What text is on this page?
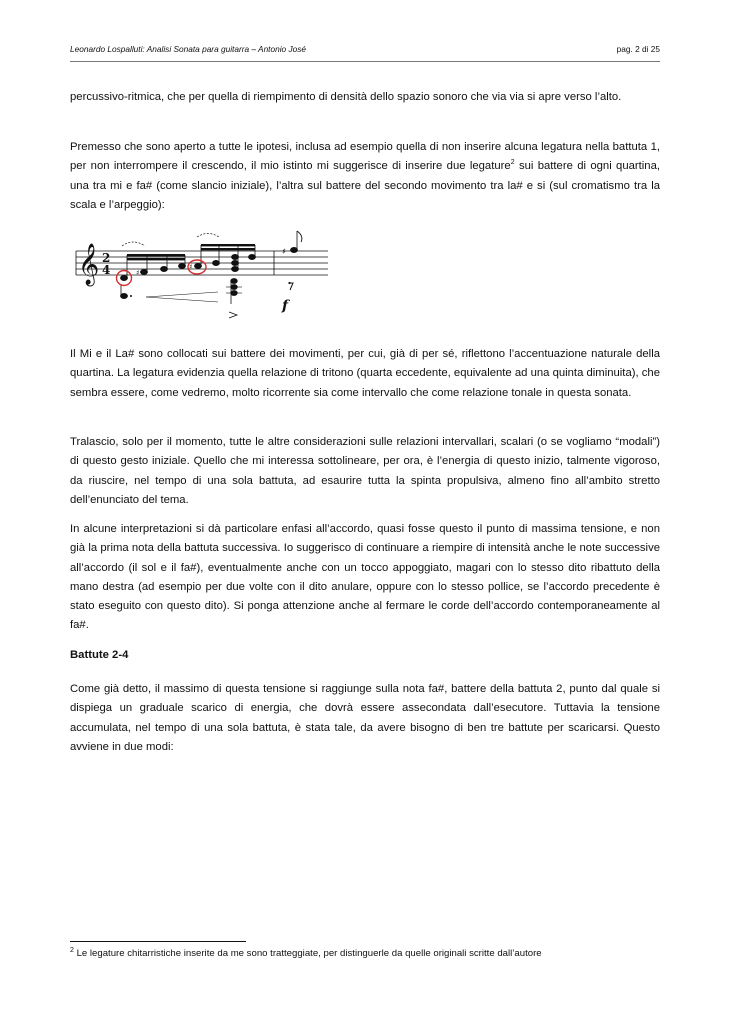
Leonardo Lospalluti: Analisi Sonata para guitarra – Antonio José	pag. 2 di 25

percussivo-ritmica, che per quella di riempimento di densità dello spazio sonoro che via via si apre verso l’alto.

Premesso che sono aperto a tutte le ipotesi, inclusa ad esempio quella di non inserire alcuna legatura nella battuta 1, per non interrompere il crescendo, il mio istinto mi suggerisce di inserire due legature$^2$ sui battere di ogni quartina, una tra mi e fa# (come slancio iniziale), l’altra sul battere del secondo movimento tra la# e si (sul cromatismo tra la scala e l’arpeggio):

𝄞 2
4	♯
♯
♯
f

Il Mi e il La# sono collocati sui battere dei movimenti, per cui, già di per sé, riflettono l’accentuazione naturale della quartina. La legatura evidenzia quella relazione di tritono (quarta eccedente, equivalente ad una quinta diminuita), che sembra essere, come vedremo, molto ricorrente sia come intervallo che come relazione tonale in questa sonata.

Tralascio, solo per il momento, tutte le altre considerazioni sulle relazioni intervallari, scalari (o se vogliamo “modali”) di questo gesto iniziale. Quello che mi interessa sottolineare, per ora, è l’energia di questo inizio, talmente vigoroso, da riuscire, nel tempo di una sola battuta, ad esaurire tutta la spinta propulsiva, almeno fino all’ambito stretto dell’enunciato del tema.

In alcune interpretazioni si dà particolare enfasi all’accordo, quasi fosse questo il punto di massima tensione, e non già la prima nota della battuta successiva. Io suggerisco di continuare a riempire di intensità anche le note successive all’accordo (il sol e il fa#), eventualmente anche con un tocco appoggiato, magari con lo stesso dito ribattuto della mano destra (ad esempio per due volte con il dito anulare, oppure con lo stesso pollice, se l’accordo precedente è stato eseguito con questo dito). Si ponga attenzione anche al fermare le corde dell’accordo contemporaneamente al fa#.

Battute 2-4

Come già detto, il massimo di questa tensione si raggiunge sulla nota fa#, battere della battuta 2, punto dal quale si dispiega un graduale scarico di energia, che dovrà essere assecondata dall’esecutore. Tuttavia la tensione accumulata, nel tempo di una sola battuta, è stata tale, da avere bisogno di ben tre battute per scaricarsi. Questo avviene in due modi:

$^2$ Le legature chitarristiche inserite da me sono tratteggiate, per distinguerle da quelle originali scritte dall’autore
